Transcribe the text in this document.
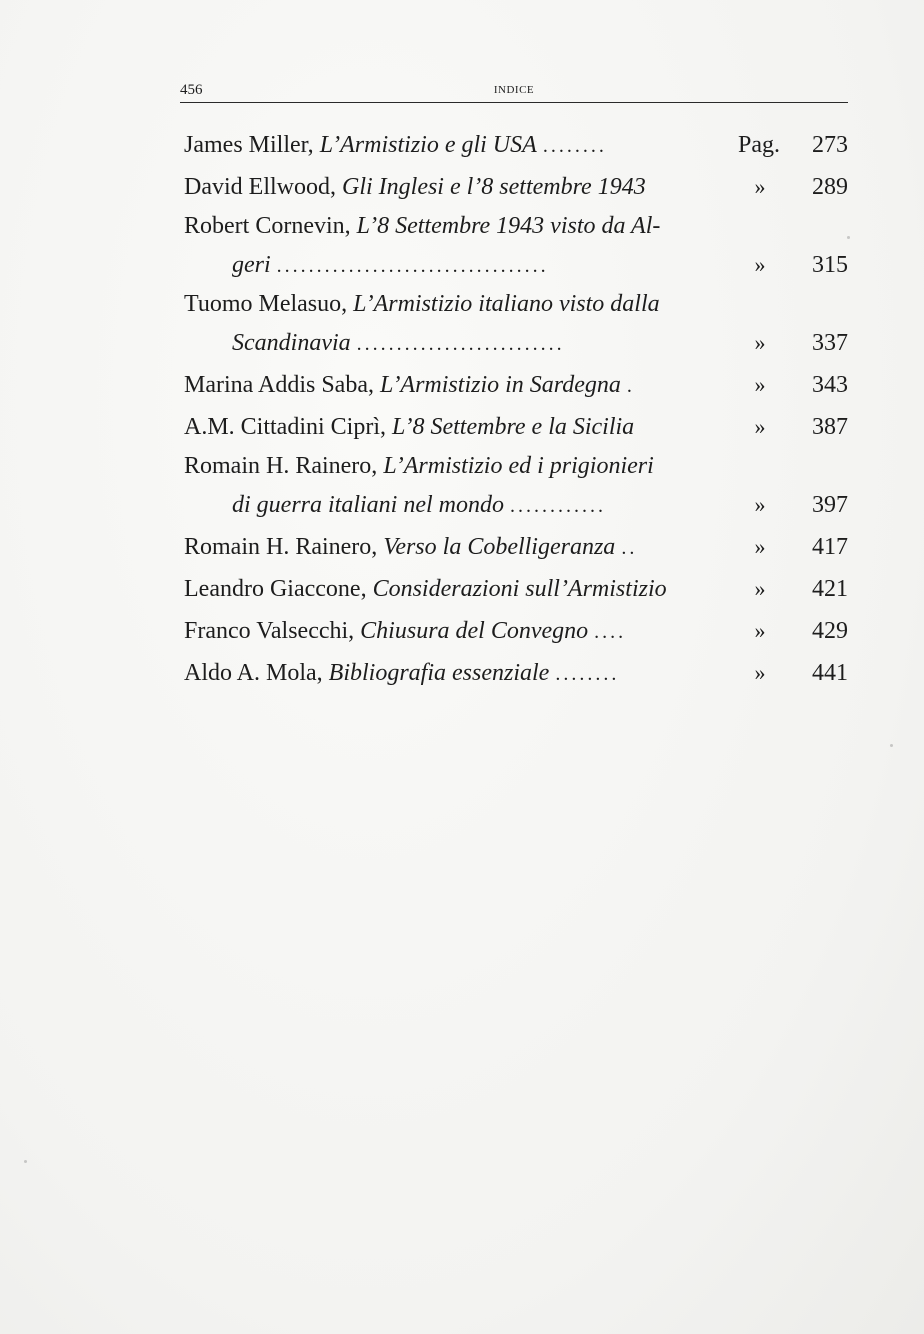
456	INDICE
James Miller, L’Armistizio e gli USA ........	Pag.	273
David Ellwood, Gli Inglesi e l’8 settembre 1943	»	289
Robert Cornevin, L’8 Settembre 1943 visto da Al-
geri ..................................	»	315
Tuomo Melasuo, L’Armistizio italiano visto dalla
Scandinavia ..........................	»	337
Marina Addis Saba, L’Armistizio in Sardegna .	»	343
A.M. Cittadini Ciprì, L’8 Settembre e la Sicilia	»	387
Romain H. Rainero, L’Armistizio ed i prigionieri
di guerra italiani nel mondo ............	»	397
Romain H. Rainero, Verso la Cobelligeranza ..	»	417
Leandro Giaccone, Considerazioni sull’Armistizio	»	421
Franco Valsecchi, Chiusura del Convegno ....	»	429
Aldo A. Mola, Bibliografia essenziale ........	»	441
